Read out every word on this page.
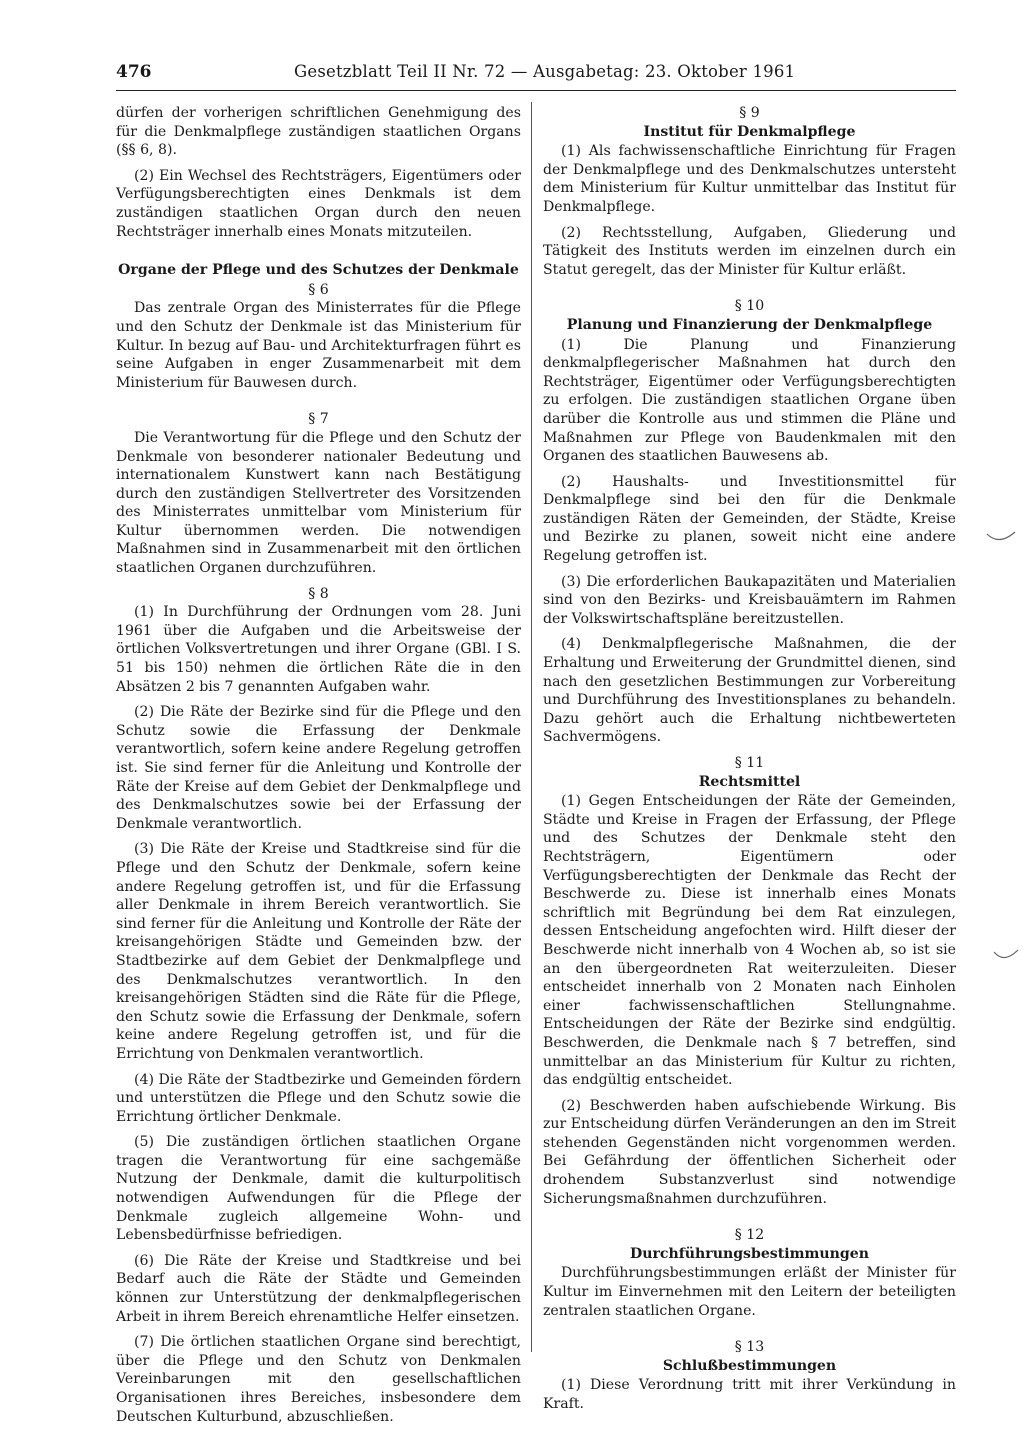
476	Gesetzblatt Teil II Nr. 72 — Ausgabetag: 23. Oktober 1961

dürfen der vorherigen schriftlichen Genehmigung des für die Denkmalpflege zuständigen staatlichen Organs (§§ 6, 8).

(2) Ein Wechsel des Rechtsträgers, Eigentümers oder Verfügungsberechtigten eines Denkmals ist dem zuständigen staatlichen Organ durch den neuen Rechtsträger innerhalb eines Monats mitzuteilen.

Organe der Pflege und des Schutzes der Denkmale

§ 6

Das zentrale Organ des Ministerrates für die Pflege und den Schutz der Denkmale ist das Ministerium für Kultur. In bezug auf Bau- und Architekturfragen führt es seine Aufgaben in enger Zusammenarbeit mit dem Ministerium für Bauwesen durch.

§ 7

Die Verantwortung für die Pflege und den Schutz der Denkmale von besonderer nationaler Bedeutung und internationalem Kunstwert kann nach Bestätigung durch den zuständigen Stellvertreter des Vorsitzenden des Ministerrates unmittelbar vom Ministerium für Kultur übernommen werden. Die notwendigen Maßnahmen sind in Zusammenarbeit mit den örtlichen staatlichen Organen durchzuführen.

§ 8

(1) In Durchführung der Ordnungen vom 28. Juni 1961 über die Aufgaben und die Arbeitsweise der örtlichen Volksvertretungen und ihrer Organe (GBl. I S. 51 bis 150) nehmen die örtlichen Räte die in den Absätzen 2 bis 7 genannten Aufgaben wahr.

(2) Die Räte der Bezirke sind für die Pflege und den Schutz sowie die Erfassung der Denkmale verantwortlich, sofern keine andere Regelung getroffen ist. Sie sind ferner für die Anleitung und Kontrolle der Räte der Kreise auf dem Gebiet der Denkmalpflege und des Denkmalschutzes sowie bei der Erfassung der Denkmale verantwortlich.

(3) Die Räte der Kreise und Stadtkreise sind für die Pflege und den Schutz der Denkmale, sofern keine andere Regelung getroffen ist, und für die Erfassung aller Denkmale in ihrem Bereich verantwortlich. Sie sind ferner für die Anleitung und Kontrolle der Räte der kreisangehörigen Städte und Gemeinden bzw. der Stadtbezirke auf dem Gebiet der Denkmalpflege und des Denkmalschutzes verantwortlich. In den kreisangehörigen Städten sind die Räte für die Pflege, den Schutz sowie die Erfassung der Denkmale, sofern keine andere Regelung getroffen ist, und für die Errichtung von Denkmalen verantwortlich.

(4) Die Räte der Stadtbezirke und Gemeinden fördern und unterstützen die Pflege und den Schutz sowie die Errichtung örtlicher Denkmale.

(5) Die zuständigen örtlichen staatlichen Organe tragen die Verantwortung für eine sachgemäße Nutzung der Denkmale, damit die kulturpolitisch notwendigen Aufwendungen für die Pflege der Denkmale zugleich allgemeine Wohn- und Lebensbedürfnisse befriedigen.

(6) Die Räte der Kreise und Stadtkreise und bei Bedarf auch die Räte der Städte und Gemeinden können zur Unterstützung der denkmalpflegerischen Arbeit in ihrem Bereich ehrenamtliche Helfer einsetzen.

(7) Die örtlichen staatlichen Organe sind berechtigt, über die Pflege und den Schutz von Denkmalen Vereinbarungen mit den gesellschaftlichen Organisationen ihres Bereiches, insbesondere dem Deutschen Kulturbund, abzuschließen.

§ 9

Institut für Denkmalpflege

(1) Als fachwissenschaftliche Einrichtung für Fragen der Denkmalpflege und des Denkmalschutzes untersteht dem Ministerium für Kultur unmittelbar das Institut für Denkmalpflege.

(2) Rechtsstellung, Aufgaben, Gliederung und Tätigkeit des Instituts werden im einzelnen durch ein Statut geregelt, das der Minister für Kultur erläßt.

§ 10

Planung und Finanzierung der Denkmalpflege

(1) Die Planung und Finanzierung denkmalpflegerischer Maßnahmen hat durch den Rechtsträger, Eigentümer oder Verfügungsberechtigten zu erfolgen. Die zuständigen staatlichen Organe üben darüber die Kontrolle aus und stimmen die Pläne und Maßnahmen zur Pflege von Baudenkmalen mit den Organen des staatlichen Bauwesens ab.

(2) Haushalts- und Investitionsmittel für Denkmalpflege sind bei den für die Denkmale zuständigen Räten der Gemeinden, der Städte, Kreise und Bezirke zu planen, soweit nicht eine andere Regelung getroffen ist.

(3) Die erforderlichen Baukapazitäten und Materialien sind von den Bezirks- und Kreisbauämtern im Rahmen der Volkswirtschaftspläne bereitzustellen.

(4) Denkmalpflegerische Maßnahmen, die der Erhaltung und Erweiterung der Grundmittel dienen, sind nach den gesetzlichen Bestimmungen zur Vorbereitung und Durchführung des Investitionsplanes zu behandeln. Dazu gehört auch die Erhaltung nichtbewerteten Sachvermögens.

§ 11

Rechtsmittel

(1) Gegen Entscheidungen der Räte der Gemeinden, Städte und Kreise in Fragen der Erfassung, der Pflege und des Schutzes der Denkmale steht den Rechtsträgern, Eigentümern oder Verfügungsberechtigten der Denkmale das Recht der Beschwerde zu. Diese ist innerhalb eines Monats schriftlich mit Begründung bei dem Rat einzulegen, dessen Entscheidung angefochten wird. Hilft dieser der Beschwerde nicht innerhalb von 4 Wochen ab, so ist sie an den übergeordneten Rat weiterzuleiten. Dieser entscheidet innerhalb von 2 Monaten nach Einholen einer fachwissenschaftlichen Stellungnahme. Entscheidungen der Räte der Bezirke sind endgültig. Beschwerden, die Denkmale nach § 7 betreffen, sind unmittelbar an das Ministerium für Kultur zu richten, das endgültig entscheidet.

(2) Beschwerden haben aufschiebende Wirkung. Bis zur Entscheidung dürfen Veränderungen an den im Streit stehenden Gegenständen nicht vorgenommen werden. Bei Gefährdung der öffentlichen Sicherheit oder drohendem Substanzverlust sind notwendige Sicherungsmaßnahmen durchzuführen.

§ 12

Durchführungsbestimmungen

Durchführungsbestimmungen erläßt der Minister für Kultur im Einvernehmen mit den Leitern der beteiligten zentralen staatlichen Organe.

§ 13

Schlußbestimmungen

(1) Diese Verordnung tritt mit ihrer Verkündung in Kraft.
